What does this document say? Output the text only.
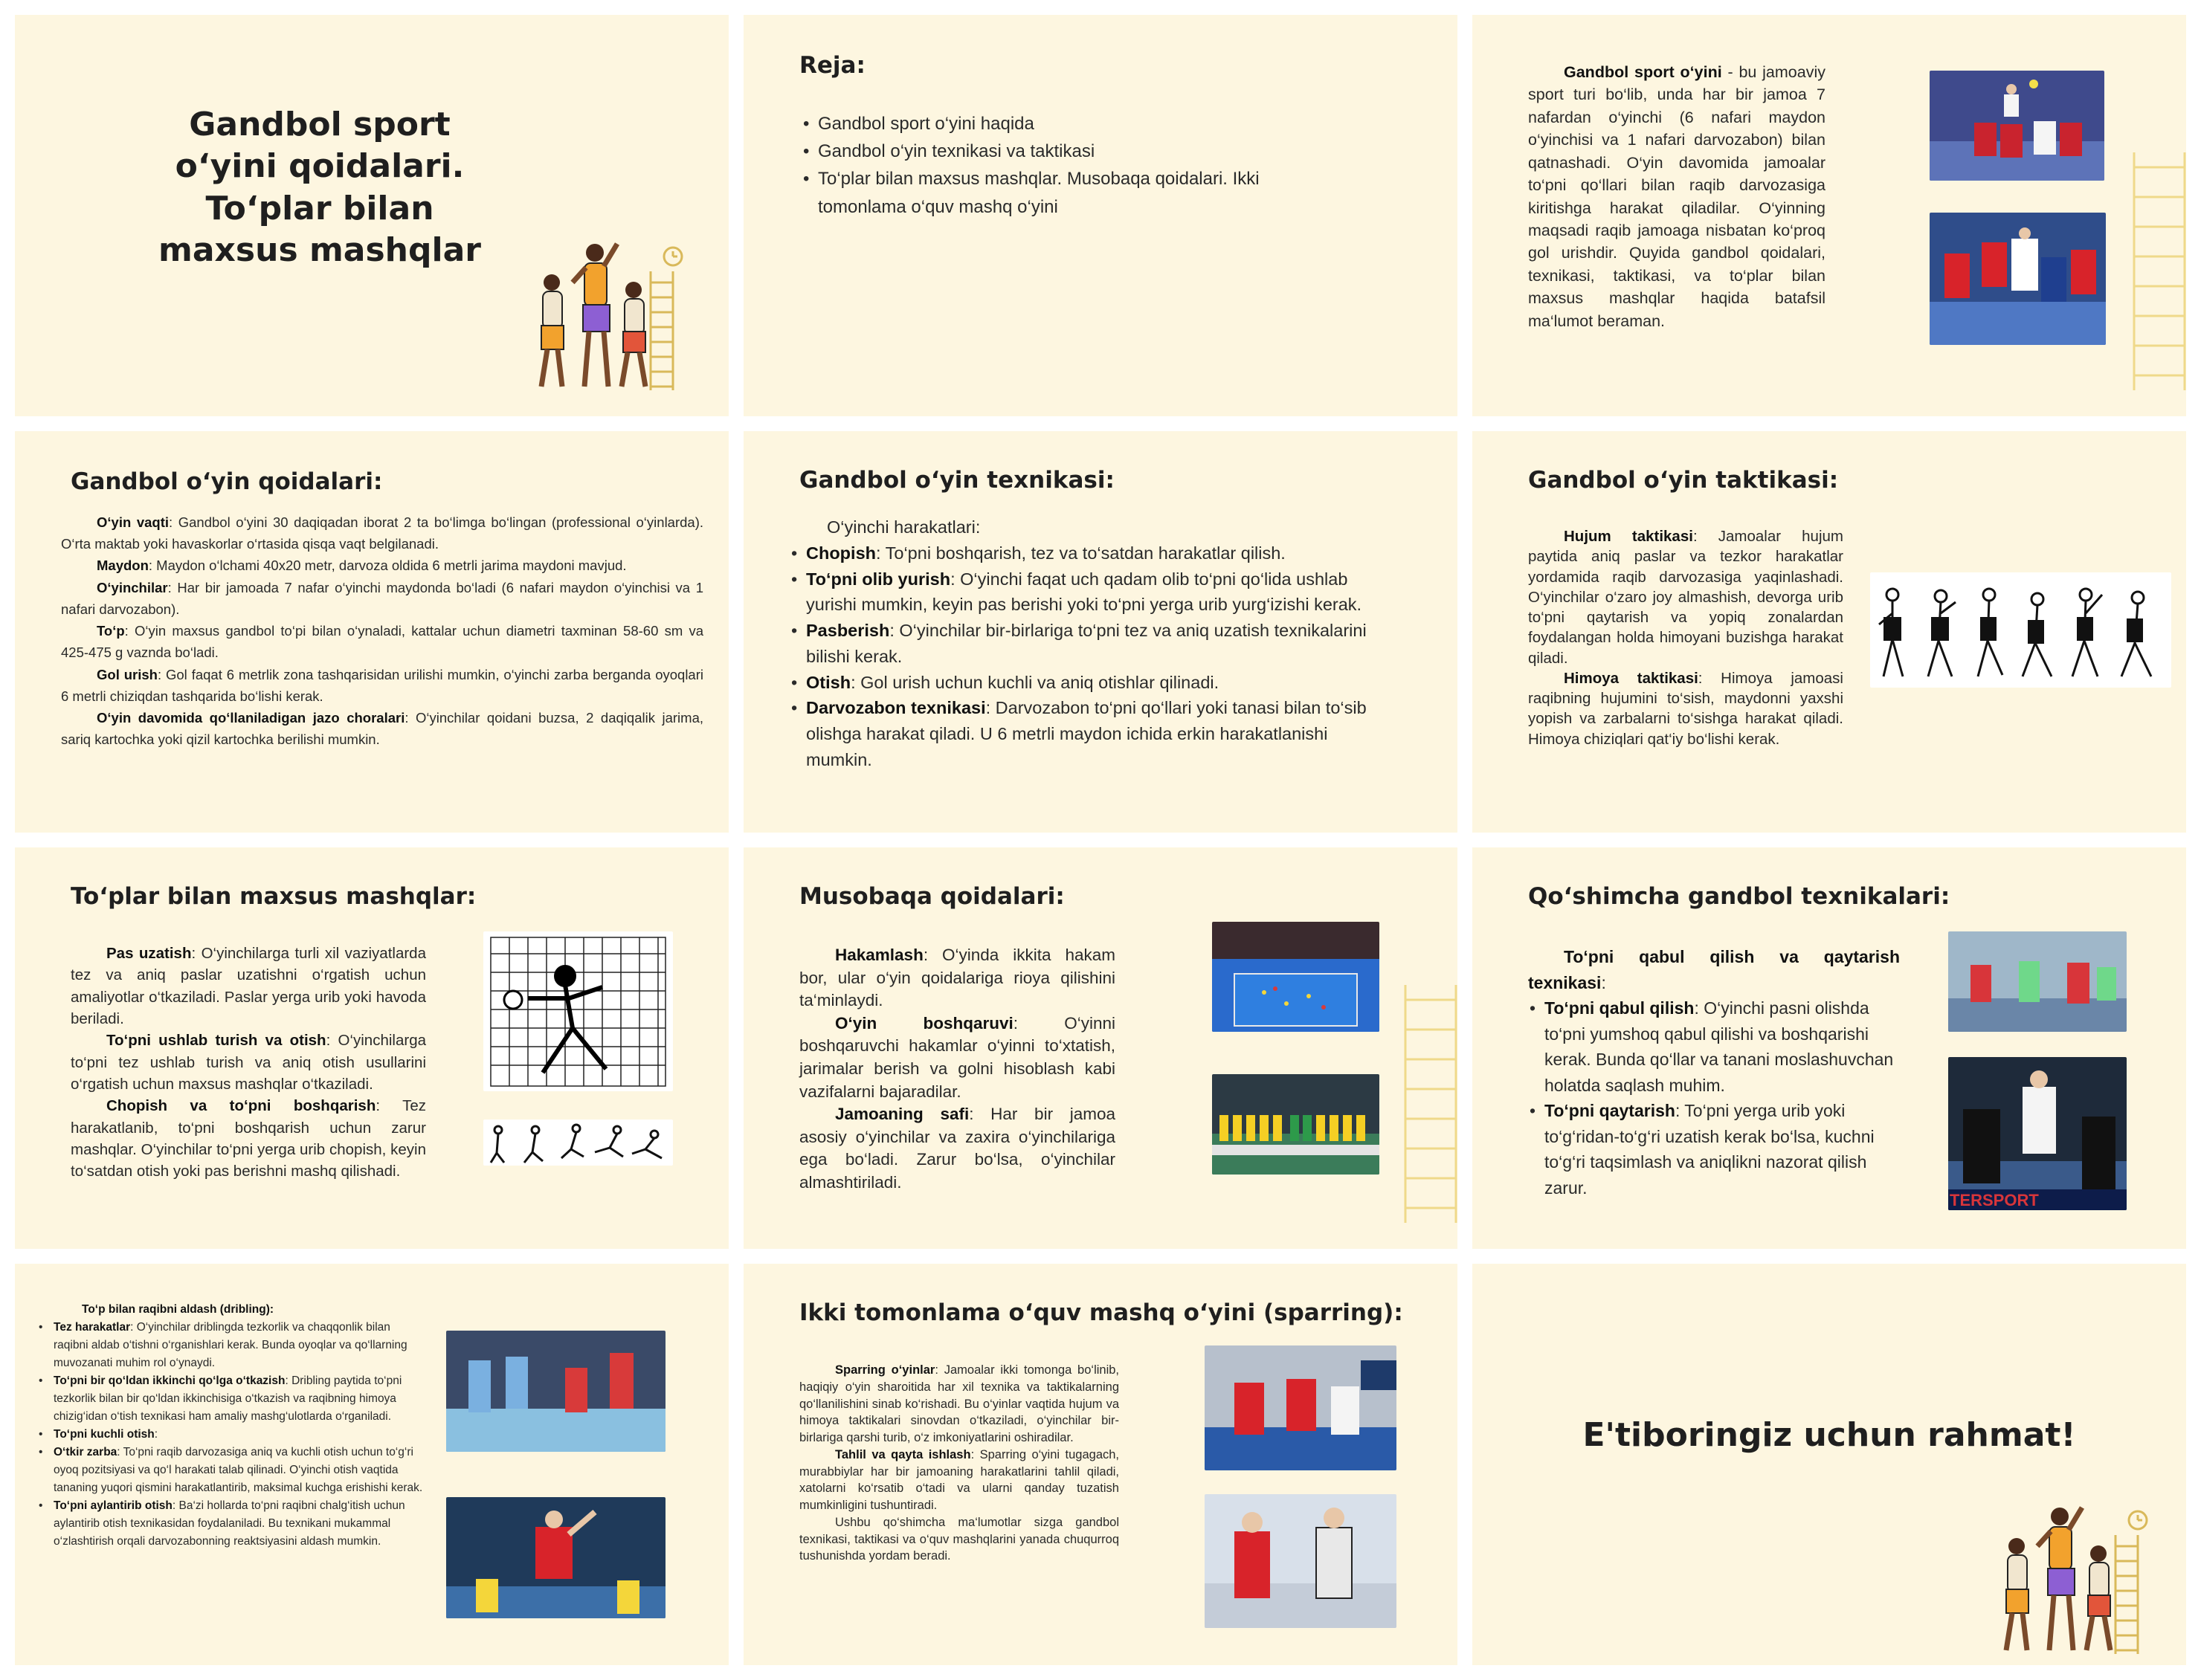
Gandbol sport o‘yini qoidalari. To‘plar bilan maxsus mashqlar
Reja:
• Gandbol sport o‘yini haqida
• Gandbol o‘yin texnikasi va taktikasi
• To‘plar bilan maxsus mashqlar. Musobaqa qoidalari. Ikki tomonlama o‘quv mashq o‘yini

Gandbol sport o‘yini - bu jamoaviy sport turi bo‘lib, unda har bir jamoa 7 nafardan o‘yinchi (6 nafari maydon o‘yinchisi va 1 nafari darvozabon) bilan qatnashadi. O‘yin davomida jamoalar to‘pni qo‘llari bilan raqib darvozasiga kiritishga harakat qiladilar. O‘yinning maqsadi raqib jamoaga nisbatan ko‘proq gol urishdir. Quyida gandbol qoidalari, texnikasi, taktikasi, va to‘plar bilan maxsus mashqlar haqida batafsil ma‘lumot beraman.

Gandbol o‘yin qoidalari:

O‘yin vaqti: Gandbol o‘yini 30 daqiqadan iborat 2 ta bo‘limga bo‘lingan (professional o‘yinlarda). O‘rta maktab yoki havaskorlar o‘rtasida qisqa vaqt belgilanadi.

Maydon: Maydon o‘lchami 40x20 metr, darvoza oldida 6 metrli jarima maydoni mavjud.

O‘yinchilar: Har bir jamoada 7 nafar o‘yinchi maydonda bo‘ladi (6 nafari maydon o‘yinchisi va 1 nafari darvozabon).

To‘p: O‘yin maxsus gandbol to‘pi bilan o‘ynaladi, kattalar uchun diametri taxminan 58-60 sm va 425-475 g vaznda bo‘ladi.

Gol urish: Gol faqat 6 metrlik zona tashqarisidan urilishi mumkin, o‘yinchi zarba berganda oyoqlari 6 metrli chiziqdan tashqarida bo‘lishi kerak.

O‘yin davomida qo‘llaniladigan jazo choralari: O‘yinchilar qoidani buzsa, 2 daqiqalik jarima, sariq kartochka yoki qizil kartochka berilishi mumkin.

Gandbol o‘yin texnikasi:

O‘yinchi harakatlari:

• Chopish: To‘pni boshqarish, tez va to‘satdan harakatlar qilish.
• To‘pni olib yurish: O‘yinchi faqat uch qadam olib to‘pni qo‘lida ushlab yurishi mumkin, keyin pas berishi yoki to‘pni yerga urib yurg‘izishi kerak.
• Pasberish: O‘yinchilar bir-birlariga to‘pni tez va aniq uzatish texnikalarini bilishi kerak.
• Otish: Gol urish uchun kuchli va aniq otishlar qilinadi.
• Darvozabon texnikasi: Darvozabon to‘pni qo‘llari yoki tanasi bilan to‘sib olishga harakat qiladi. U 6 metrli maydon ichida erkin harakatlanishi mumkin.
Gandbol o‘yin taktikasi:

Hujum taktikasi: Jamoalar hujum paytida aniq paslar va tezkor harakatlar yordamida raqib darvozasiga yaqinlashadi. O‘yinchilar o‘zaro joy almashish, devorga urib to‘pni qaytarish va yopiq zonalardan foydalangan holda himoyani buzishga harakat qiladi.

Himoya taktikasi: Himoya jamoasi raqibning hujumini to‘sish, maydonni yaxshi yopish va zarbalarni to‘sishga harakat qiladi. Himoya chiziqlari qat‘iy bo‘lishi kerak.

To‘plar bilan maxsus mashqlar:

Pas uzatish: O‘yinchilarga turli xil vaziyatlarda tez va aniq paslar uzatishni o‘rgatish uchun amaliyotlar o‘tkaziladi. Paslar yerga urib yoki havoda beriladi.

To‘pni ushlab turish va otish: O‘yinchilarga to‘pni tez ushlab turish va aniq otish usullarini o‘rgatish uchun maxsus mashqlar o‘tkaziladi.

Chopish va to‘pni boshqarish: Tez harakatlanib, to‘pni boshqarish uchun zarur mashqlar. O‘yinchilar to‘pni yerga urib chopish, keyin to‘satdan otish yoki pas berishni mashq qilishadi.

Musobaqa qoidalari:

Hakamlash: O‘yinda ikkita hakam bor, ular o‘yin qoidalariga rioya qilishini ta‘minlaydi.

O‘yin boshqaruvi: O‘yinni boshqaruvchi hakamlar o‘yinni to‘xtatish, jarimalar berish va golni hisoblash kabi vazifalarni bajaradilar.

Jamoaning safi: Har bir jamoa asosiy o‘yinchilar va zaxira o‘yinchilariga ega bo‘ladi. Zarur bo‘lsa, o‘yinchilar almashtiriladi.

Qo‘shimcha gandbol texnikalari:

To‘pni qabul qilish va qaytarish texnikasi:

• To‘pni qabul qilish: O‘yinchi pasni olishda to‘pni yumshoq qabul qilishi va boshqarishi kerak. Bunda qo‘llar va tanani moslashuvchan holatda saqlash muhim.
• To‘pni qaytarish: To‘pni yerga urib yoki to‘g‘ridan-to‘g‘ri uzatish kerak bo‘lsa, kuchni to‘g‘ri taqsimlash va aniqlikni nazorat qilish zarur.
TERSPORT

To‘p bilan raqibni aldash (dribling):

• Tez harakatlar: O‘yinchilar driblingda tezkorlik va chaqqonlik bilan raqibni aldab o‘tishni o‘rganishlari kerak. Bunda oyoqlar va qo‘llarning muvozanati muhim rol o‘ynaydi.
• To‘pni bir qo‘ldan ikkinchi qo‘lga o‘tkazish: Dribling paytida to‘pni tezkorlik bilan bir qo‘ldan ikkinchisiga o‘tkazish va raqibning himoya chizig‘idan o‘tish texnikasi ham amaliy mashg‘ulotlarda o‘rganiladi.
• To‘pni kuchli otish:
• O‘tkir zarba: To‘pni raqib darvozasiga aniq va kuchli otish uchun to‘g‘ri oyoq pozitsiyasi va qo‘l harakati talab qilinadi. O‘yinchi otish vaqtida tananing yuqori qismini harakatlantirib, maksimal kuchga erishishi kerak.
• To‘pni aylantirib otish: Ba‘zi hollarda to‘pni raqibni chalg‘itish uchun aylantirib otish texnikasidan foydalaniladi. Bu texnikani mukammal o‘zlashtirish orqali darvozabonning reaktsiyasini aldash mumkin.
Ikki tomonlama o‘quv mashq o‘yini (sparring):

Sparring o‘yinlar: Jamoalar ikki tomonga bo‘linib, haqiqiy o‘yin sharoitida har xil texnika va taktikalarning qo‘llanilishini sinab ko‘rishadi. Bu o‘yinlar vaqtida hujum va himoya taktikalari sinovdan o‘tkaziladi, o‘yinchilar bir-birlariga qarshi turib, o‘z imkoniyatlarini oshiradilar.

Tahlil va qayta ishlash: Sparring o‘yini tugagach, murabbiylar har bir jamoaning harakatlarini tahlil qiladi, xatolarni ko‘rsatib o‘tadi va ularni qanday tuzatish mumkinligini tushuntiradi.

Ushbu qo‘shimcha ma‘lumotlar sizga gandbol texnikasi, taktikasi va o‘quv mashqlarini yanada chuqurroq tushunishda yordam beradi.

E'tiboringiz uchun rahmat!
